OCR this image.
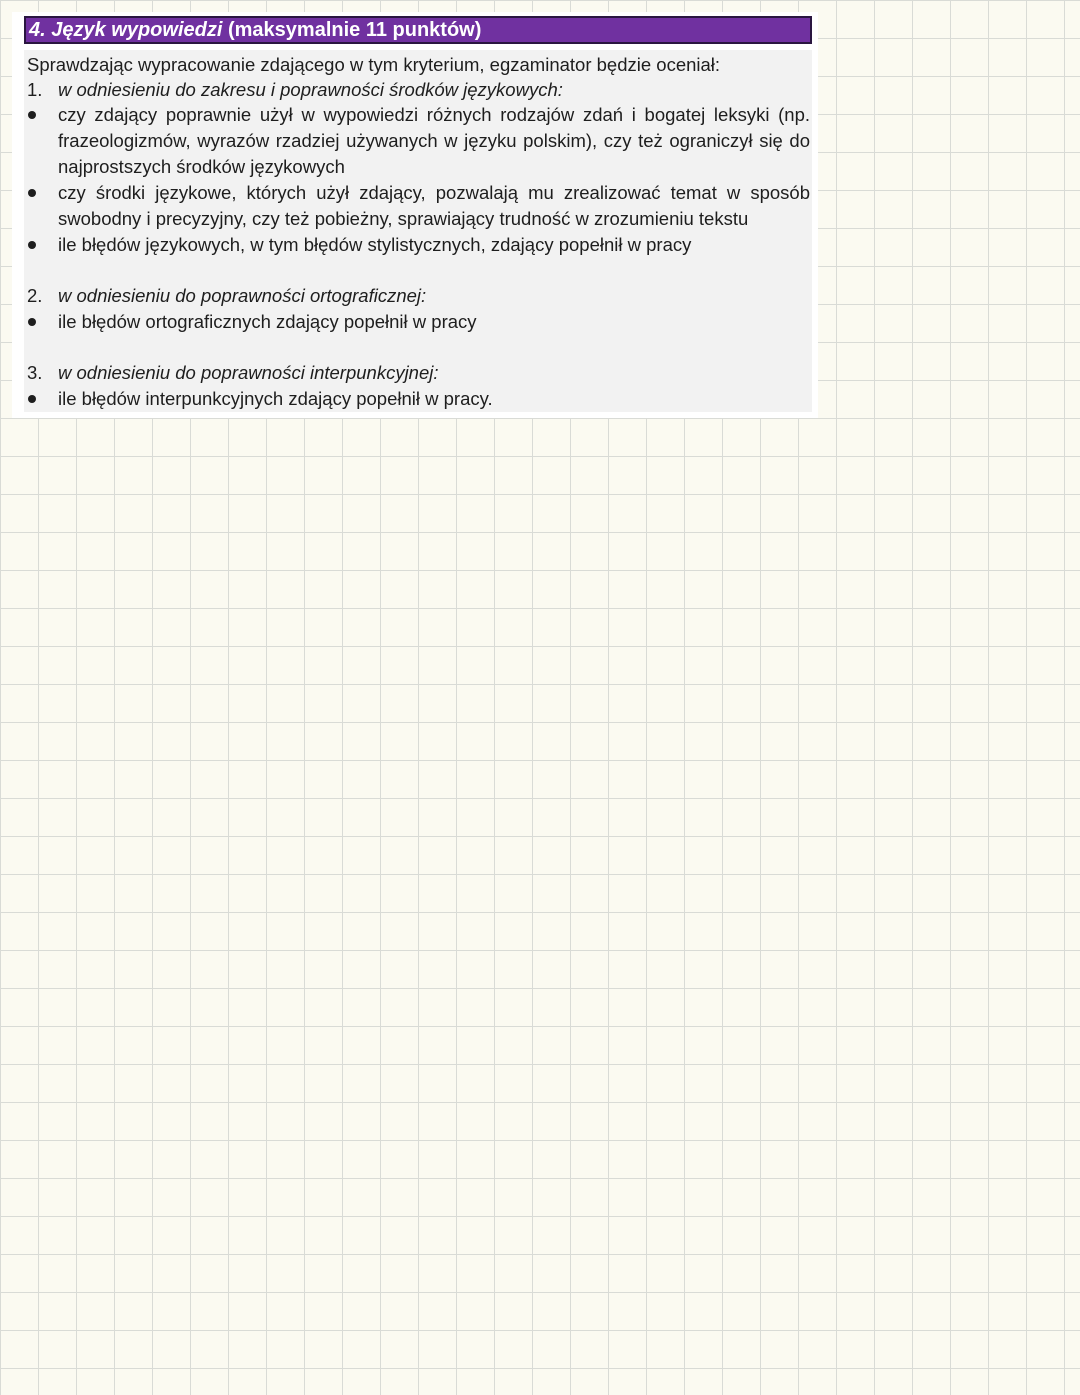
4. Język wypowiedzi (maksymalnie 11 punktów)
Sprawdzając wypracowanie zdającego w tym kryterium, egzaminator będzie oceniał:
1. w odniesieniu do zakresu i poprawności środków językowych:
czy zdający poprawnie użył w wypowiedzi różnych rodzajów zdań i bogatej leksyki (np. frazeologizmów, wyrazów rzadziej używanych w języku polskim), czy też ograniczył się do najprostszych środków językowych
czy środki językowe, których użył zdający, pozwalają mu zrealizować temat w sposób swobodny i precyzyjny, czy też pobieżny, sprawiający trudność w zrozumieniu tekstu
ile błędów językowych, w tym błędów stylistycznych, zdający popełnił w pracy
2. w odniesieniu do poprawności ortograficznej:
ile błędów ortograficznych zdający popełnił w pracy
3. w odniesieniu do poprawności interpunkcyjnej:
ile błędów interpunkcyjnych zdający popełnił w pracy.
